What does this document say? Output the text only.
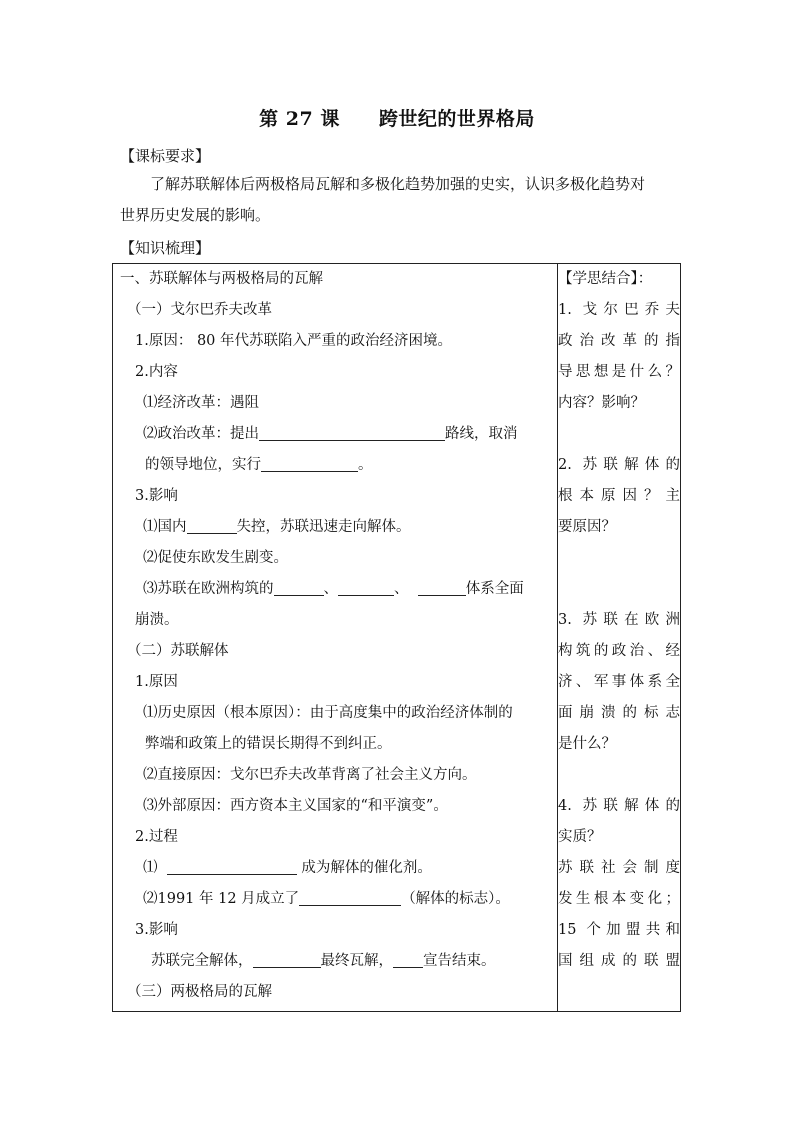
第 27 课　　跨世纪的世界格局
【课标要求】
了解苏联解体后两极格局瓦解和多极化趋势加强的史实，认识多极化趋势对
世界历史发展的影响。
【知识梳理】
一、苏联解体与两极格局的瓦解
（一）戈尔巴乔夫改革
1.原因： 80 年代苏联陷入严重的政治经济困境。
2.内容
⑴经济改革：遇阻
⑵政治改革：提出	路线，取消
的领导地位，实行	。
3.影响
⑴国内	失控，苏联迅速走向解体。
⑵促使东欧发生剧变。
⑶苏联在欧洲构筑的	、	、	体系全面
崩溃。
（二）苏联解体
1.原因
⑴历史原因（根本原因）：由于高度集中的政治经济体制的
弊端和政策上的错误长期得不到纠正。
⑵直接原因：戈尔巴乔夫改革背离了社会主义方向。
⑶外部原因：西方资本主义国家的“和平演变”。
2.过程
⑴	成为解体的催化剂。
⑵1991 年 12 月成立了	（解体的标志）。
3.影响
苏联完全解体，	最终瓦解， 宣告结束。
（三）两极格局的瓦解

【学思结合】：
1. 戈尔巴乔夫
政治改革的指
导思想是什么？
内容？影响？
2. 苏联解体的
根本原因？主
要原因？
3. 苏联在欧洲
构筑的政治、经
济、军事体系全
面崩溃的标志
是什么？
4. 苏联解体的
实质？
苏联社会制度
发生根本变化；
15 个加盟共和
国组成的联盟
